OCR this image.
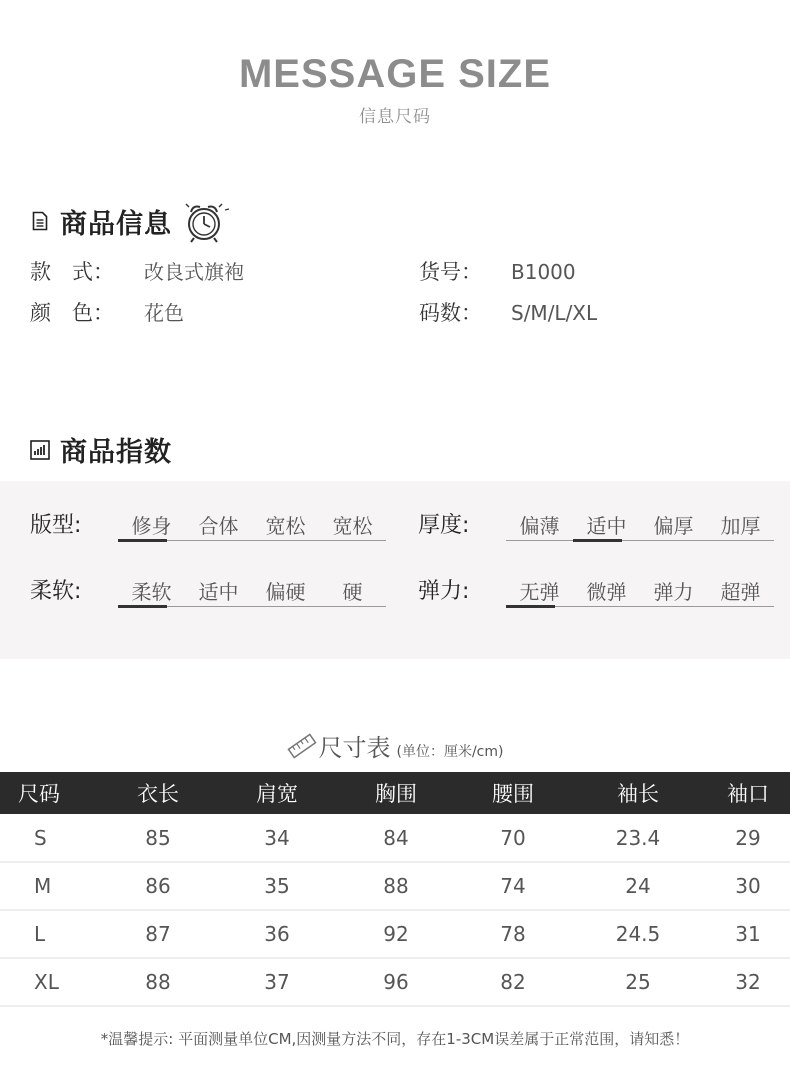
MESSAGE SIZE
信息尺码
商品信息
款　式：	改良式旗袍
颜　色：	花色
货号：	B1000
码数：	S/M/L/XL
商品指数
版型:	修身	合体	宽松	宽松	厚度:	偏薄	适中	偏厚	加厚
柔软:	柔软	适中	偏硬	硬	弹力:	无弹	微弹	弹力	超弹
尺寸表 (单位：厘米/cm)
尺码	衣长	肩宽	胸围	腰围	袖长	袖口
S	85	34	84	70	23.4	29
M	86	35	88	74	24	30
L	87	36	92	78	24.5	31
XL	88	37	96	82	25	32
*温馨提示: 平面测量单位CM,因测量方法不同，存在1-3CM误差属于正常范围，请知悉！
